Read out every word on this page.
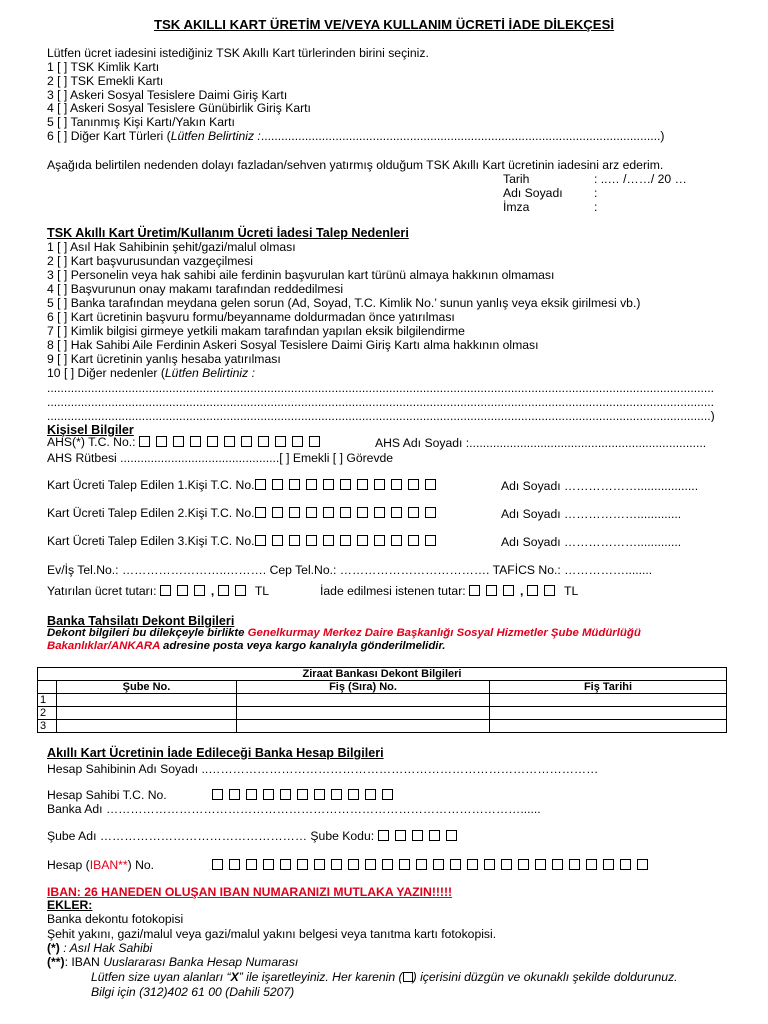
TSK AKILLI KART ÜRETİM VE/VEYA KULLANIM ÜCRETİ İADE DİLEKÇESİ
Lütfen ücret iadesini istediğiniz TSK Akıllı Kart türlerinden birini seçiniz.
1 [ ] TSK Kimlik Kartı
2 [ ] TSK Emekli Kartı
3 [ ] Askeri Sosyal Tesislere Daimi Giriş Kartı
4 [ ] Askeri Sosyal Tesislere Günübirlik Giriş Kartı
5 [ ] Tanınmış Kişi Kartı/Yakın Kartı
6 [ ] Diğer Kart Türleri (Lütfen Belirtiniz :......................................................................................................................)
Aşağıda belirtilen nedenden dolayı fazladan/sehven yatırmış olduğum TSK Akıllı Kart ücretinin iadesini arz ederim.
Tarih	: ..… /……/ 20 …
Adı Soyadı	:
İmza	:
TSK Akıllı Kart Üretim/Kullanım Ücreti İadesi Talep Nedenleri
1 [ ] Asıl Hak Sahibinin şehit/gazi/malul olması
2 [ ] Kart başvurusundan vazgeçilmesi
3 [ ] Personelin veya hak sahibi aile ferdinin başvurulan kart türünü almaya hakkının olmaması
4 [ ] Başvurunun onay makamı tarafından reddedilmesi
5 [ ] Banka tarafından meydana gelen sorun (Ad, Soyad, T.C. Kimlik No.’ sunun yanlış veya eksik girilmesi vb.)
6 [ ] Kart ücretinin başvuru formu/beyanname doldurmadan önce yatırılması
7 [ ] Kimlik bilgisi girmeye yetkili makam tarafından yapılan eksik bilgilendirme
8 [ ] Hak Sahibi Aile Ferdinin Askeri Sosyal Tesislere Daimi Giriş Kartı alma hakkının olması
9 [ ] Kart ücretinin yanlış hesaba yatırılması
10 [ ] Diğer nedenler (Lütfen Belirtiniz :
.....................................................................................................................................................................................................
.....................................................................................................................................................................................................
....................................................................................................................................................................................................)
Kişisel Bilgiler
AHS(*) T.C. No.:	AHS Adı Soyadı :......................................................................
AHS Rütbesi ...............................................[ ] Emekli [ ] Görevde
Kart Ücreti Talep Edilen 1.Kişi T.C. No.	Adı Soyadı ………………..................
Kart Ücreti Talep Edilen 2.Kişi T.C. No.	Adı Soyadı ……………….............
Kart Ücreti Talep Edilen 3.Kişi T.C. No.	Adı Soyadı ……………….............
Ev/İş Tel.No.: ……………………..………. Cep Tel.No.: ………………………………. TAFİCS No.: ……………........
Yatırılan ücret tutarı:	,	TL	İade edilmesi istenen tutar:	,	TL
Banka Tahsilatı Dekont Bilgileri
Dekont bilgileri bu dilekçeyle birlikte Genelkurmay Merkez Daire Başkanlığı Sosyal Hizmetler Şube Müdürlüğü
Bakanlıklar/ANKARA adresine posta veya kargo kanalıyla gönderilmelidir.
Ziraat Bankası Dekont Bilgileri			
	Şube No.	Fiş (Sıra) No.	Fiş Tarihi
1			
2			
3			
Akıllı Kart Ücretinin İade Edileceği Banka Hesap Bilgileri
Hesap Sahibinin Adı Soyadı ..……………………………………………………………………………………
Hesap Sahibi T.C. No.
Banka Adı …………………………………………………………………………………………......
Şube Adı …………………………………………… Şube Kodu:
Hesap (IBAN**) No.
IBAN: 26 HANEDEN OLUŞAN IBAN NUMARANIZI MUTLAKA YAZIN!!!!!
EKLER:
Banka dekontu fotokopisi
Şehit yakını, gazi/malul veya gazi/malul yakını belgesi veya tanıtma kartı fotokopisi.
(*) : Asıl Hak Sahibi
(**): IBAN Uuslararası Banka Hesap Numarası
Lütfen size uyan alanları “X” ile işaretleyiniz. Her karenin ( ) içerisini düzgün ve okunaklı şekilde doldurunuz.
Bilgi için (312)402 61 00 (Dahili 5207)
